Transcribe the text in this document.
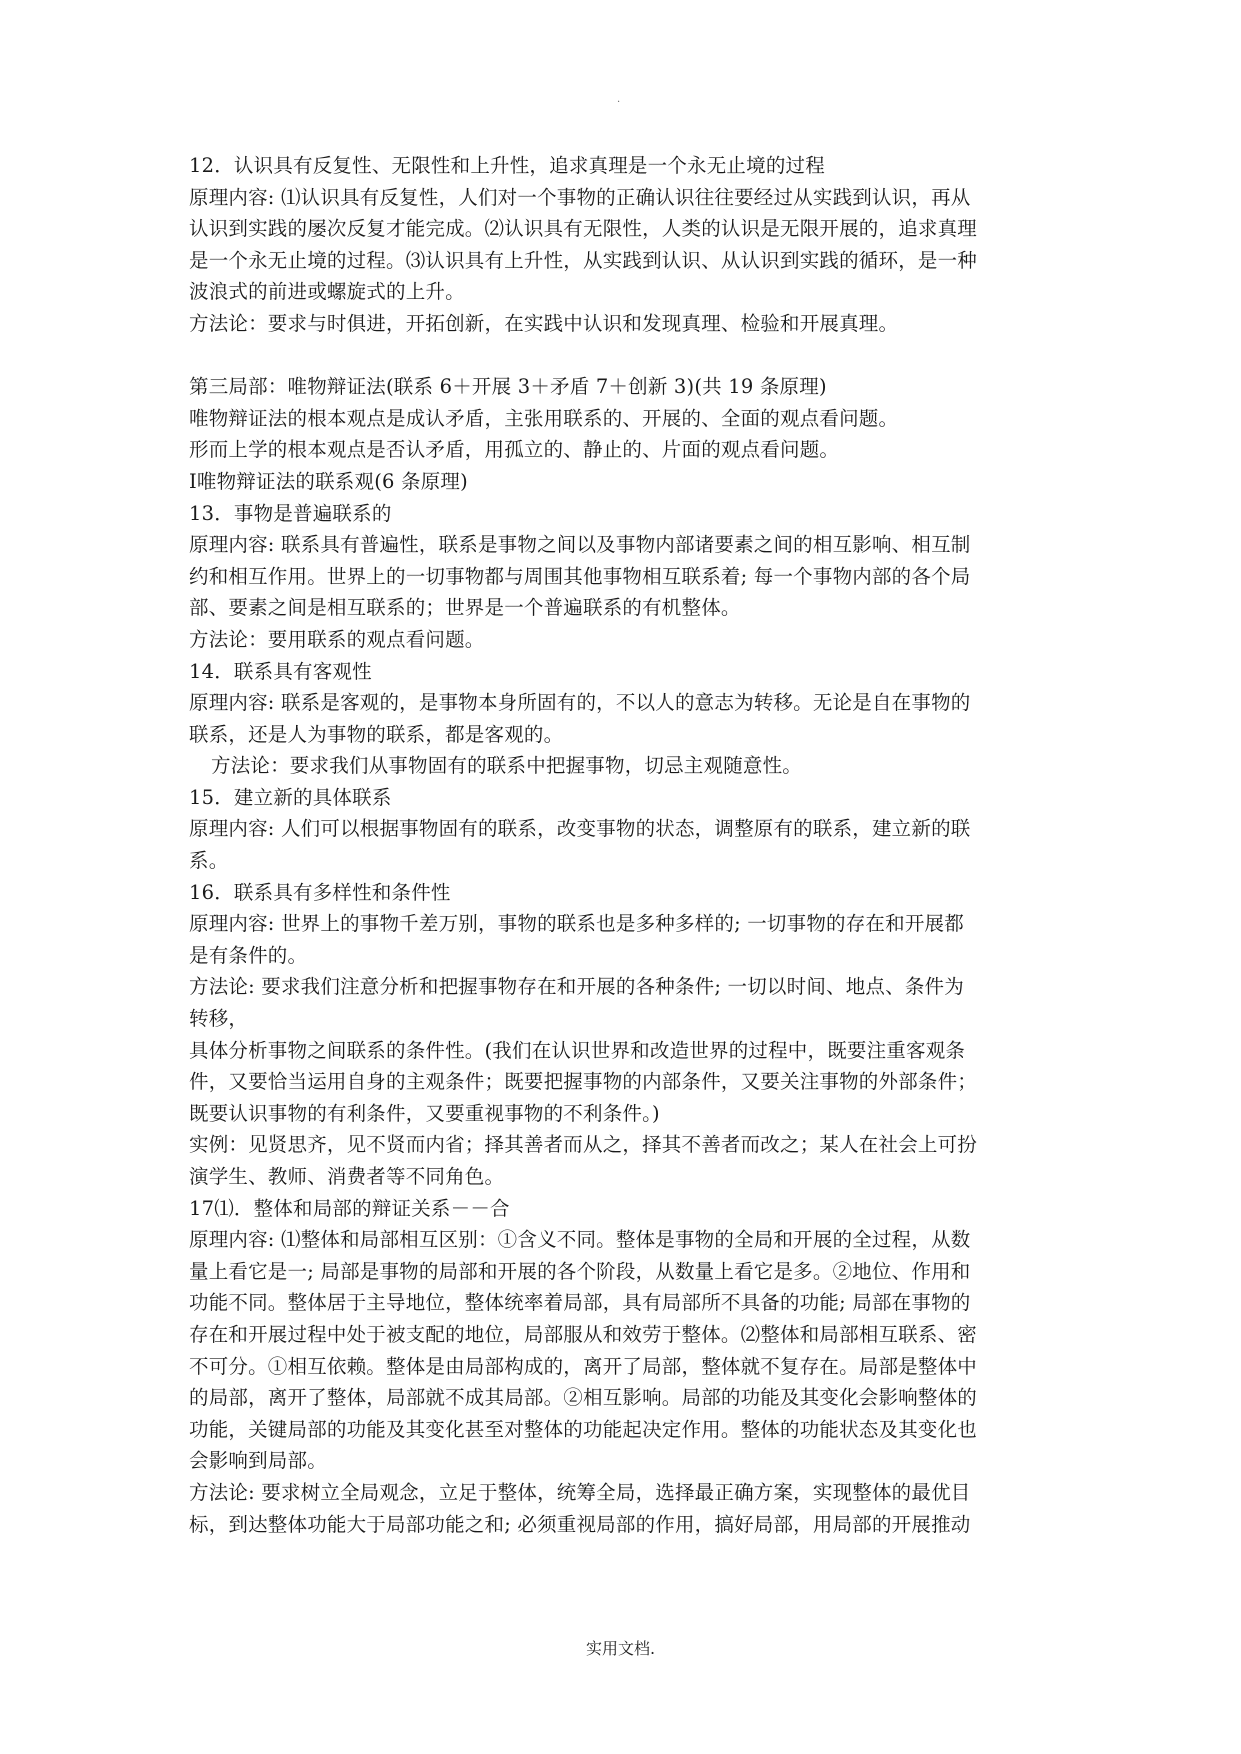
.
12．认识具有反复性、无限性和上升性，追求真理是一个永无止境的过程
原理内容: ⑴认识具有反复性，人们对一个事物的正确认识往往要经过从实践到认识，再从
认识到实践的屡次反复才能完成。⑵认识具有无限性，人类的认识是无限开展的，追求真理
是一个永无止境的过程。⑶认识具有上升性，从实践到认识、从认识到实践的循环，是一种
波浪式的前进或螺旋式的上升。
方法论：要求与时俱进，开拓创新，在实践中认识和发现真理、检验和开展真理。
第三局部：唯物辩证法(联系 6＋开展 3＋矛盾 7＋创新 3)(共 19 条原理)
唯物辩证法的根本观点是成认矛盾，主张用联系的、开展的、全面的观点看问题。
形而上学的根本观点是否认矛盾，用孤立的、静止的、片面的观点看问题。
Ⅰ唯物辩证法的联系观(6 条原理)
13．事物是普遍联系的
原理内容: 联系具有普遍性，联系是事物之间以及事物内部诸要素之间的相互影响、相互制
约和相互作用。世界上的一切事物都与周围其他事物相互联系着; 每一个事物内部的各个局
部、要素之间是相互联系的；世界是一个普遍联系的有机整体。
方法论：要用联系的观点看问题。
14．联系具有客观性
原理内容: 联系是客观的，是事物本身所固有的，不以人的意志为转移。无论是自在事物的
联系，还是人为事物的联系，都是客观的。
方法论：要求我们从事物固有的联系中把握事物，切忌主观随意性。
15．建立新的具体联系
原理内容: 人们可以根据事物固有的联系，改变事物的状态，调整原有的联系，建立新的联
系。
16．联系具有多样性和条件性
原理内容: 世界上的事物千差万别，事物的联系也是多种多样的; 一切事物的存在和开展都
是有条件的。
方法论: 要求我们注意分析和把握事物存在和开展的各种条件; 一切以时间、地点、条件为
转移，
具体分析事物之间联系的条件性。(我们在认识世界和改造世界的过程中，既要注重客观条
件，又要恰当运用自身的主观条件；既要把握事物的内部条件，又要关注事物的外部条件；
既要认识事物的有利条件，又要重视事物的不利条件。)
实例：见贤思齐，见不贤而内省；择其善者而从之，择其不善者而改之；某人在社会上可扮
演学生、教师、消费者等不同角色。
17⑴．整体和局部的辩证关系－－合
原理内容: ⑴整体和局部相互区别：①含义不同。整体是事物的全局和开展的全过程，从数
量上看它是一; 局部是事物的局部和开展的各个阶段，从数量上看它是多。②地位、作用和
功能不同。整体居于主导地位，整体统率着局部，具有局部所不具备的功能; 局部在事物的
存在和开展过程中处于被支配的地位，局部服从和效劳于整体。⑵整体和局部相互联系、密
不可分。①相互依赖。整体是由局部构成的，离开了局部，整体就不复存在。局部是整体中
的局部，离开了整体，局部就不成其局部。②相互影响。局部的功能及其变化会影响整体的
功能，关键局部的功能及其变化甚至对整体的功能起决定作用。整体的功能状态及其变化也
会影响到局部。
方法论: 要求树立全局观念，立足于整体，统筹全局，选择最正确方案，实现整体的最优目
标，到达整体功能大于局部功能之和; 必须重视局部的作用，搞好局部，用局部的开展推动
实用文档.
